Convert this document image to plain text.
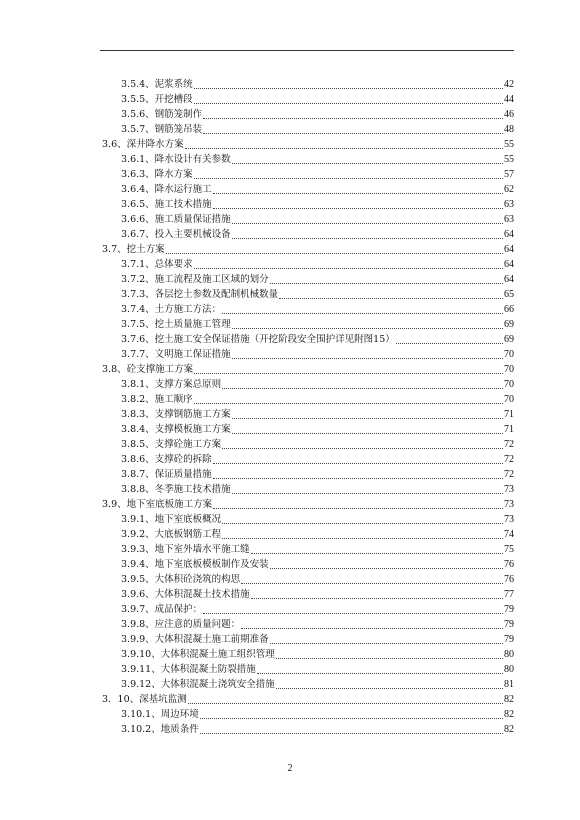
3.5.4、泥浆系统	42
3.5.5、开挖槽段	44
3.5.6、钢筋笼制作	46
3.5.7、钢筋笼吊装	48
3.6、深井降水方案	55
3.6.1、降水设计有关参数	55
3.6.3、降水方案	57
3.6.4、降水运行施工	62
3.6.5、施工技术措施	63
3.6.6、施工质量保证措施	63
3.6.7、投入主要机械设备	64
3.7、挖土方案	64
3.7.1、总体要求	64
3.7.2、施工流程及施工区域的划分	64
3.7.3、各层挖土参数及配制机械数量	65
3.7.4、土方施工方法：	66
3.7.5、挖土质量施工管理	69
3.7.6、挖土施工安全保证措施（开挖阶段安全围护详见附图15）	69
3.7.7、文明施工保证措施	70
3.8、砼支撑施工方案	70
3.8.1、支撑方案总原则	70
3.8.2、施工顺序	70
3.8.3、支撑钢筋施工方案	71
3.8.4、支撑模板施工方案	71
3.8.5、支撑砼施工方案	72
3.8.6、支撑砼的拆除	72
3.8.7、保证质量措施	72
3.8.8、冬季施工技术措施	73
3.9、地下室底板施工方案	73
3.9.1、地下室底板概况	73
3.9.2、大底板钢筋工程	74
3.9.3、地下室外墙水平施工缝	75
3.9.4、地下室底板模板制作及安装	76
3.9.5、大体积砼浇筑的构思	76
3.9.6、大体积混凝土技术措施	77
3.9.7、成品保护：	79
3.9.8、应注意的质量问题：	79
3.9.9、大体积混凝土施工前期准备	79
3.9.10、大体积混凝土施工组织管理	80
3.9.11、大体积混凝土防裂措施	80
3.9.12、大体积混凝土浇筑安全措施	81
3．10、深基坑监测	82
3.10.1、周边环境	82
3.10.2、地质条件	82
2
